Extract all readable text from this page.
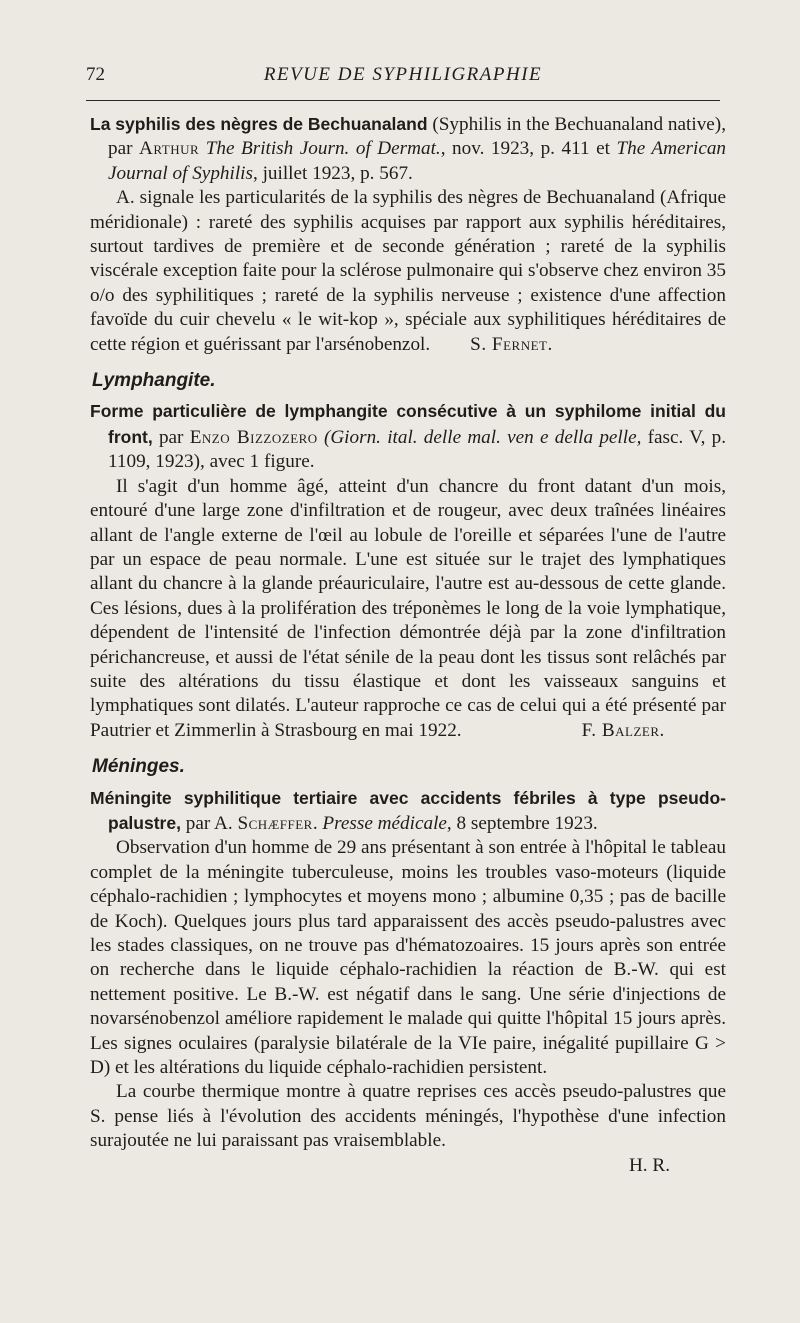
72	REVUE DE SYPHILIGRAPHIE

La syphilis des nègres de Bechuanaland (Syphilis in the Bechuanaland native), par Arthur The British Journ. of Dermat., nov. 1923, p. 411 et The American Journal of Syphilis, juillet 1923, p. 567.

A. signale les particularités de la syphilis des nègres de Bechuanaland (Afrique méridionale) : rareté des syphilis acquises par rapport aux syphilis héréditaires, surtout tardives de première et de seconde génération ; rareté de la syphilis viscérale exception faite pour la sclérose pulmonaire qui s'observe chez environ 35 o/o des syphilitiques ; rareté de la syphilis nerveuse ; existence d'une affection favoïde du cuir chevelu « le wit-kop », spéciale aux syphilitiques héréditaires de cette région et guérissant par l'arsénobenzol. S. Fernet.

Lymphangite.

Forme particulière de lymphangite consécutive à un syphilome initial du front, par Enzo Bizzozero (Giorn. ital. delle mal. ven e della pelle, fasc. V, p. 1109, 1923), avec 1 figure.

Il s'agit d'un homme âgé, atteint d'un chancre du front datant d'un mois, entouré d'une large zone d'infiltration et de rougeur, avec deux traînées linéaires allant de l'angle externe de l'œil au lobule de l'oreille et séparées l'une de l'autre par un espace de peau normale. L'une est située sur le trajet des lymphatiques allant du chancre à la glande préauriculaire, l'autre est au-dessous de cette glande. Ces lésions, dues à la prolifération des tréponèmes le long de la voie lymphatique, dépendent de l'intensité de l'infection démontrée déjà par la zone d'infiltration périchancreuse, et aussi de l'état sénile de la peau dont les tissus sont relâchés par suite des altérations du tissu élastique et dont les vaisseaux sanguins et lymphatiques sont dilatés. L'auteur rapproche ce cas de celui qui a été présenté par Pautrier et Zimmerlin à Strasbourg en mai 1922.	F. Balzer.

Méninges.

Méningite syphilitique tertiaire avec accidents fébriles à type pseudo-palustre, par A. Schæffer. Presse médicale, 8 septembre 1923.

Observation d'un homme de 29 ans présentant à son entrée à l'hôpital le tableau complet de la méningite tuberculeuse, moins les troubles vaso-moteurs (liquide céphalo-rachidien ; lymphocytes et moyens mono ; albumine 0,35 ; pas de bacille de Koch). Quelques jours plus tard apparaissent des accès pseudo-palustres avec les stades classiques, on ne trouve pas d'hématozoaires. 15 jours après son entrée on recherche dans le liquide céphalo-rachidien la réaction de B.-W. qui est nettement positive. Le B.-W. est négatif dans le sang. Une série d'injections de novarsénobenzol améliore rapidement le malade qui quitte l'hôpital 15 jours après. Les signes oculaires (paralysie bilatérale de la VIe paire, inégalité pupillaire G > D) et les altérations du liquide céphalo-rachidien persistent.

La courbe thermique montre à quatre reprises ces accès pseudo-palustres que S. pense liés à l'évolution des accidents méningés, l'hypothèse d'une infection surajoutée ne lui paraissant pas vraisemblable.

H. R.
